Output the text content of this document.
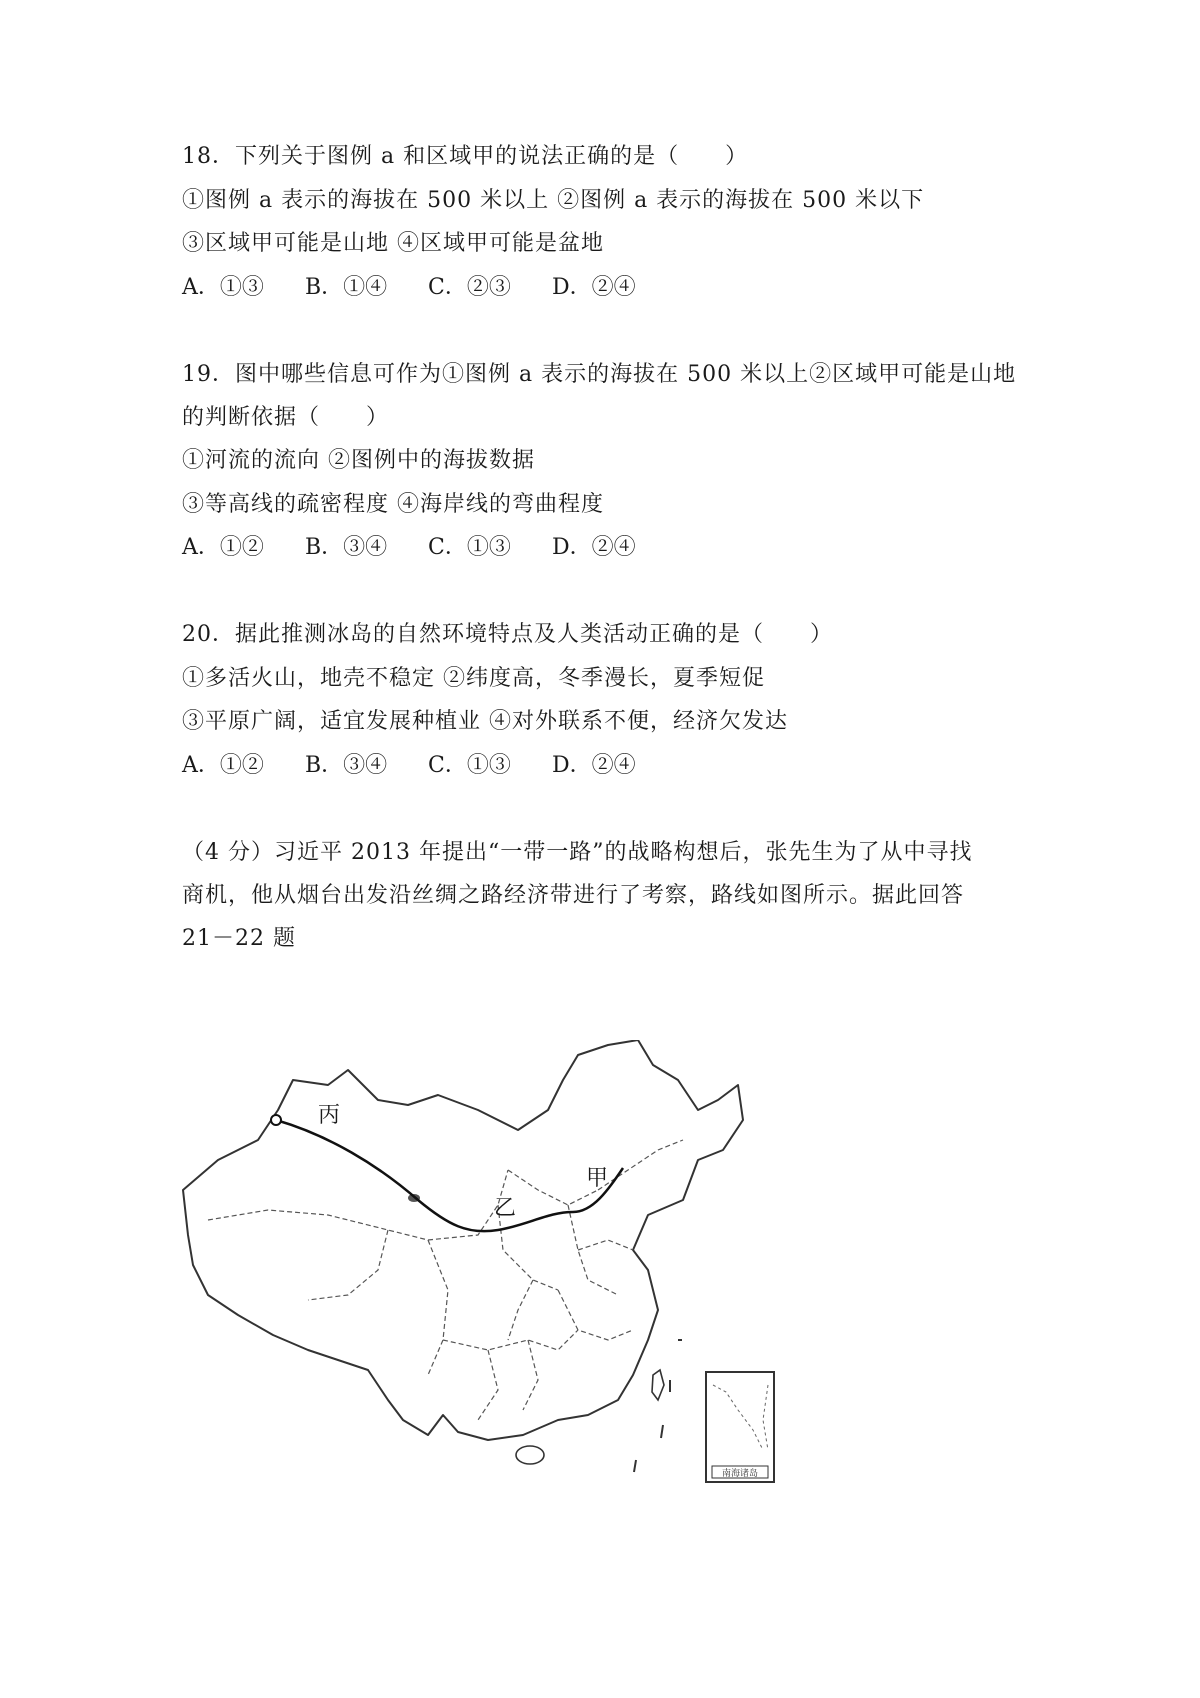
18．下列关于图例 a 和区域甲的说法正确的是（　　）
①图例 a 表示的海拔在 500 米以上 ②图例 a 表示的海拔在 500 米以下
③区域甲可能是山地 ④区域甲可能是盆地
A．①③ B．①④ C．②③ D．②④
19．图中哪些信息可作为①图例 a 表示的海拔在 500 米以上②区域甲可能是山地
的判断依据（　　）
①河流的流向 ②图例中的海拔数据
③等高线的疏密程度 ④海岸线的弯曲程度
A．①② B．③④ C．①③ D．②④
20．据此推测冰岛的自然环境特点及人类活动正确的是（　　）
①多活火山，地壳不稳定 ②纬度高，冬季漫长，夏季短促
③平原广阔，适宜发展种植业 ④对外联系不便，经济欠发达
A．①② B．③④ C．①③ D．②④
（4 分）习近平 2013 年提出“一带一路”的战略构想后，张先生为了从中寻找
商机，他从烟台出发沿丝绸之路经济带进行了考察，路线如图所示。据此回答
21－22 题
丙
乙
甲
南海诸岛
